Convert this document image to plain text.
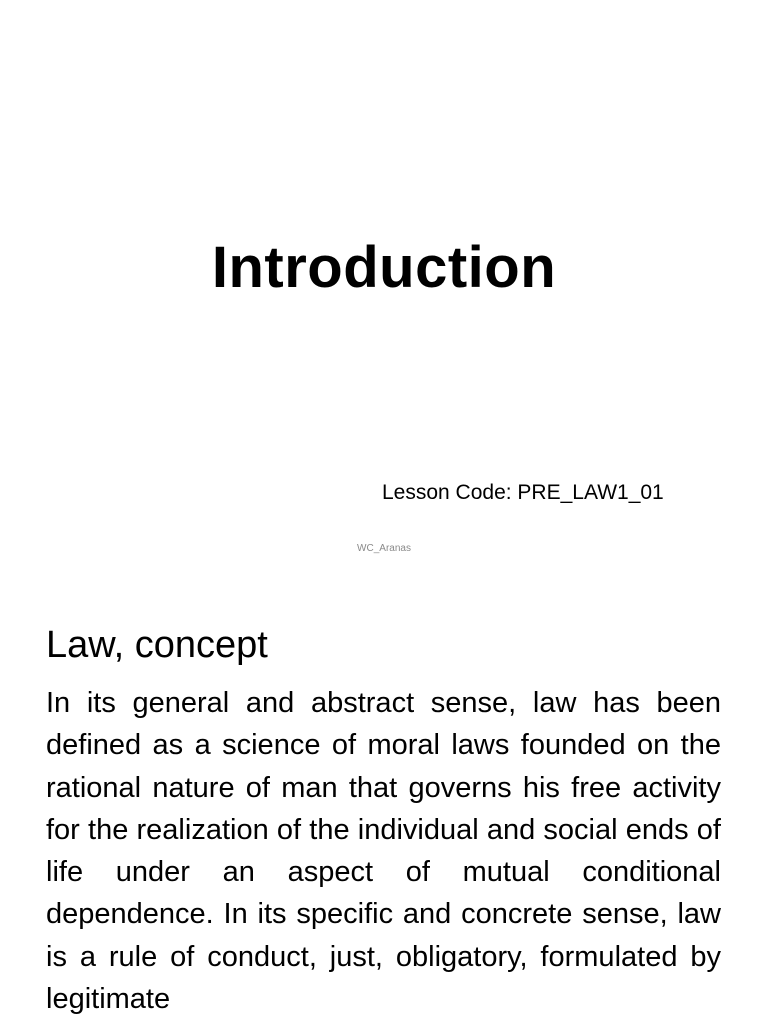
Introduction
Lesson Code: PRE_LAW1_01
WC_Aranas
Law, concept

In its general and abstract sense, law has been defined as a science of moral laws founded on the rational nature of man that governs his free activity for the realization of the individual and social ends of life under an aspect of mutual conditional dependence. In its specific and concrete sense, law is a rule of conduct, just, obligatory, formulated by legitimate
